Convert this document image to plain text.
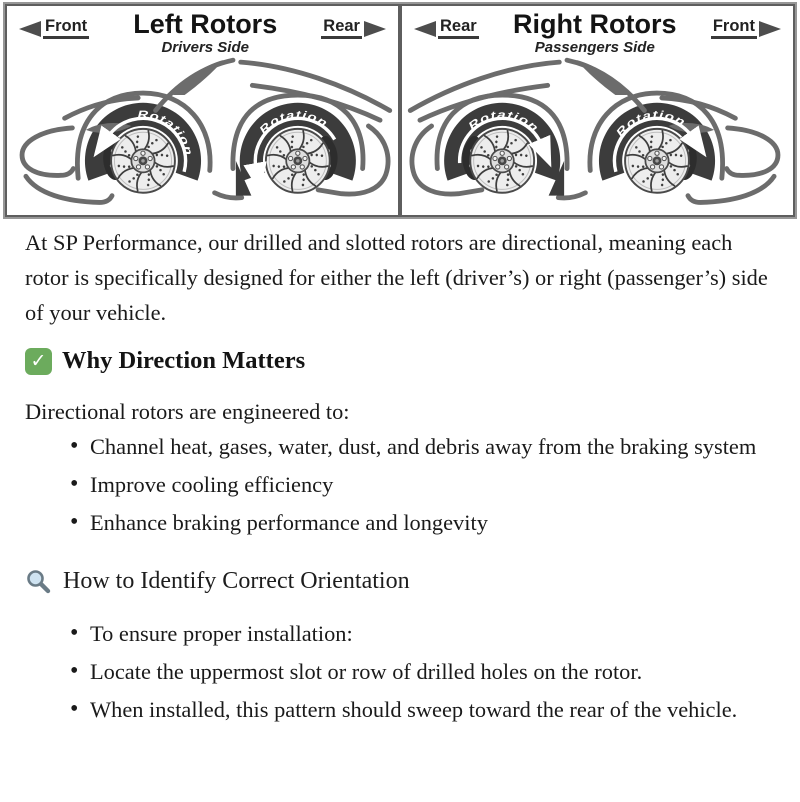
Rotation
Rotation
Front Left Rotors
Drivers Side
Rear
Rotation	Rotation
Rear Right Rotors
Passengers Side
Front

At SP Performance, our drilled and slotted rotors are directional, meaning each rotor is specifically designed for either the left (driver’s) or right (passenger’s) side of your vehicle.

✓ Why Direction Matters

Directional rotors are engineered to:

• Channel heat, gases, water, dust, and debris away from the braking system
• Improve cooling efficiency
• Enhance braking performance and longevity
How to Identify Correct Orientation
• To ensure proper installation:
• Locate the uppermost slot or row of drilled holes on the rotor.
• When installed, this pattern should sweep toward the rear of the vehicle.
